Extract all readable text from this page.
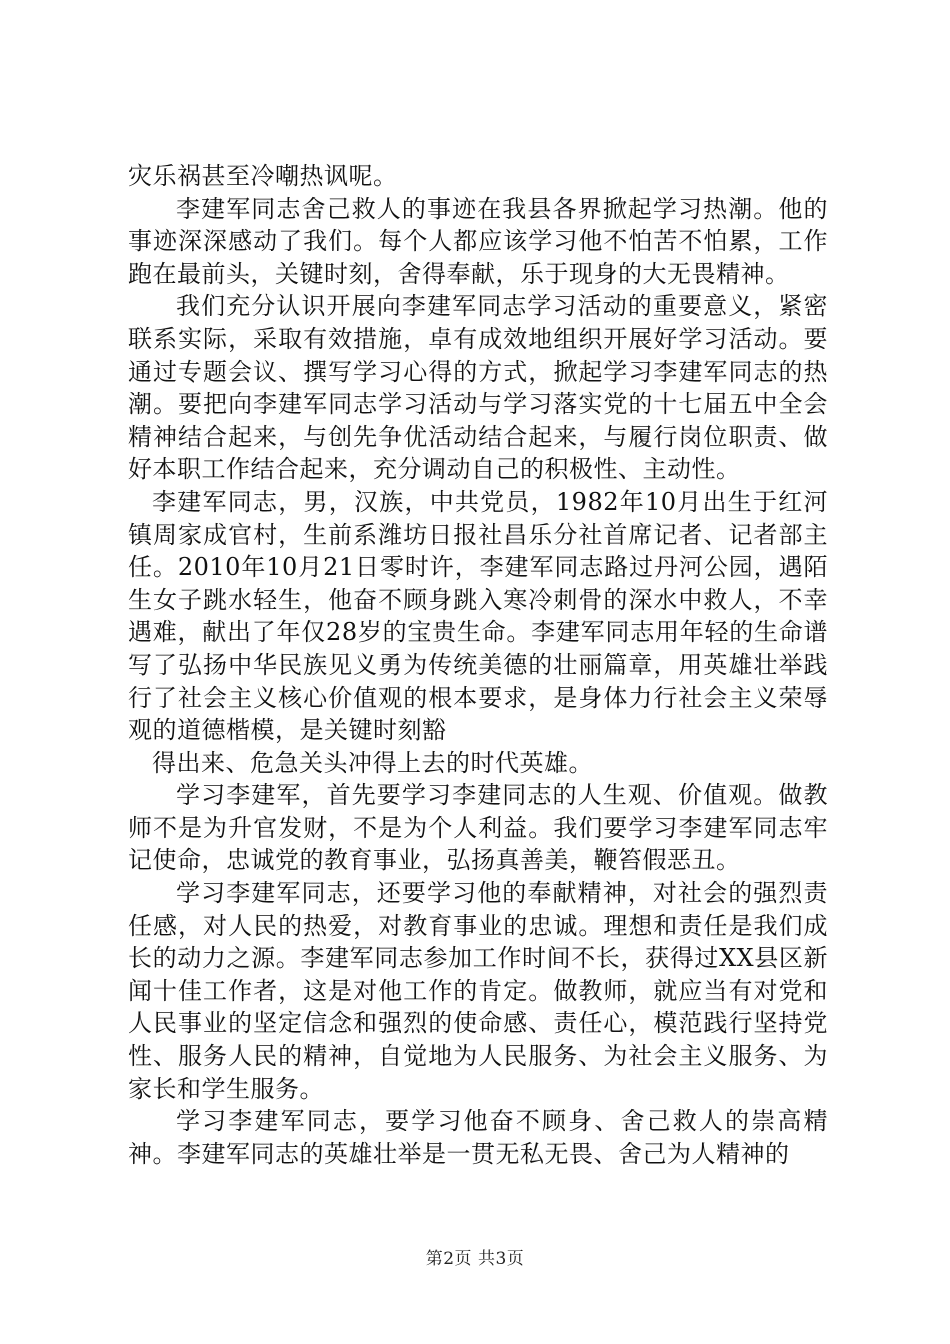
灾乐祸甚至冷嘲热讽呢。

李建军同志舍己救人的事迹在我县各界掀起学习热潮。他的事迹深深感动了我们。每个人都应该学习他不怕苦不怕累，工作跑在最前头，关键时刻，舍得奉献，乐于现身的大无畏精神。

我们充分认识开展向李建军同志学习活动的重要意义，紧密联系实际，采取有效措施，卓有成效地组织开展好学习活动。要通过专题会议、撰写学习心得的方式，掀起学习李建军同志的热潮。要把向李建军同志学习活动与学习落实党的十七届五中全会精神结合起来，与创先争优活动结合起来，与履行岗位职责、做好本职工作结合起来，充分调动自己的积极性、主动性。

李建军同志，男，汉族，中共党员，1982年10月出生于红河镇周家成官村，生前系潍坊日报社昌乐分社首席记者、记者部主任。2010年10月21日零时许，李建军同志路过丹河公园，遇陌生女子跳水轻生，他奋不顾身跳入寒冷刺骨的深水中救人，不幸遇难，献出了年仅28岁的宝贵生命。李建军同志用年轻的生命谱写了弘扬中华民族见义勇为传统美德的壮丽篇章，用英雄壮举践行了社会主义核心价值观的根本要求，是身体力行社会主义荣辱观的道德楷模，是关键时刻豁

得出来、危急关头冲得上去的时代英雄。

学习李建军，首先要学习李建同志的人生观、价值观。做教师不是为升官发财，不是为个人利益。我们要学习李建军同志牢记使命，忠诚党的教育事业，弘扬真善美，鞭笞假恶丑。

学习李建军同志，还要学习他的奉献精神，对社会的强烈责任感，对人民的热爱，对教育事业的忠诚。理想和责任是我们成长的动力之源。李建军同志参加工作时间不长，获得过XX县区新闻十佳工作者，这是对他工作的肯定。做教师，就应当有对党和人民事业的坚定信念和强烈的使命感、责任心，模范践行坚持党性、服务人民的精神，自觉地为人民服务、为社会主义服务、为家长和学生服务。

学习李建军同志，要学习他奋不顾身、舍己救人的崇高精神。李建军同志的英雄壮举是一贯无私无畏、舍己为人精神的

第2页 共3页
